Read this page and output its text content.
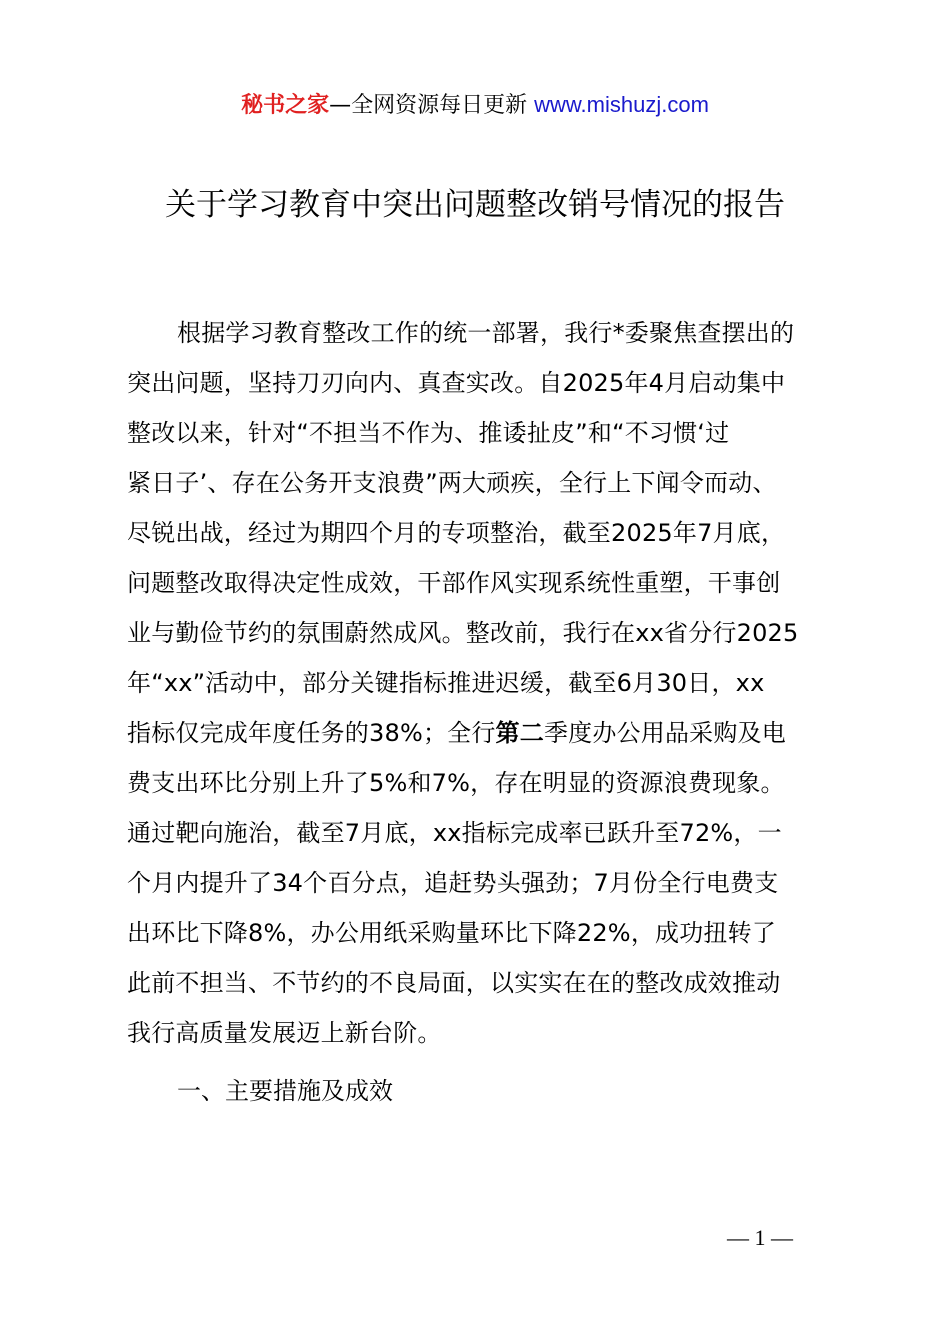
秘书之家—全网资源每日更新 www.mishuzj.com
关于学习教育中突出问题整改销号情况的报告
根据学习教育整改工作的统一部署，我行*委聚焦查摆出的
突出问题，坚持刀刃向内、真查实改。自2025年4月启动集中
整改以来，针对“不担当不作为、推诿扯皮”和“不习惯‘过
紧日子’、存在公务开支浪费”两大顽疾，全行上下闻令而动、
尽锐出战，经过为期四个月的专项整治，截至2025年7月底，
问题整改取得决定性成效，干部作风实现系统性重塑，干事创
业与勤俭节约的氛围蔚然成风。整改前，我行在xx省分行2025
年“xx”活动中，部分关键指标推进迟缓，截至6月30日，xx
指标仅完成年度任务的38%；全行第二季度办公用品采购及电
费支出环比分别上升了5%和7%，存在明显的资源浪费现象。
通过靶向施治，截至7月底，xx指标完成率已跃升至72%，一
个月内提升了34个百分点，追赶势头强劲；7月份全行电费支
出环比下降8%，办公用纸采购量环比下降22%，成功扭转了
此前不担当、不节约的不良局面，以实实在在的整改成效推动
我行高质量发展迈上新台阶。
一、主要措施及成效
— 1 —
